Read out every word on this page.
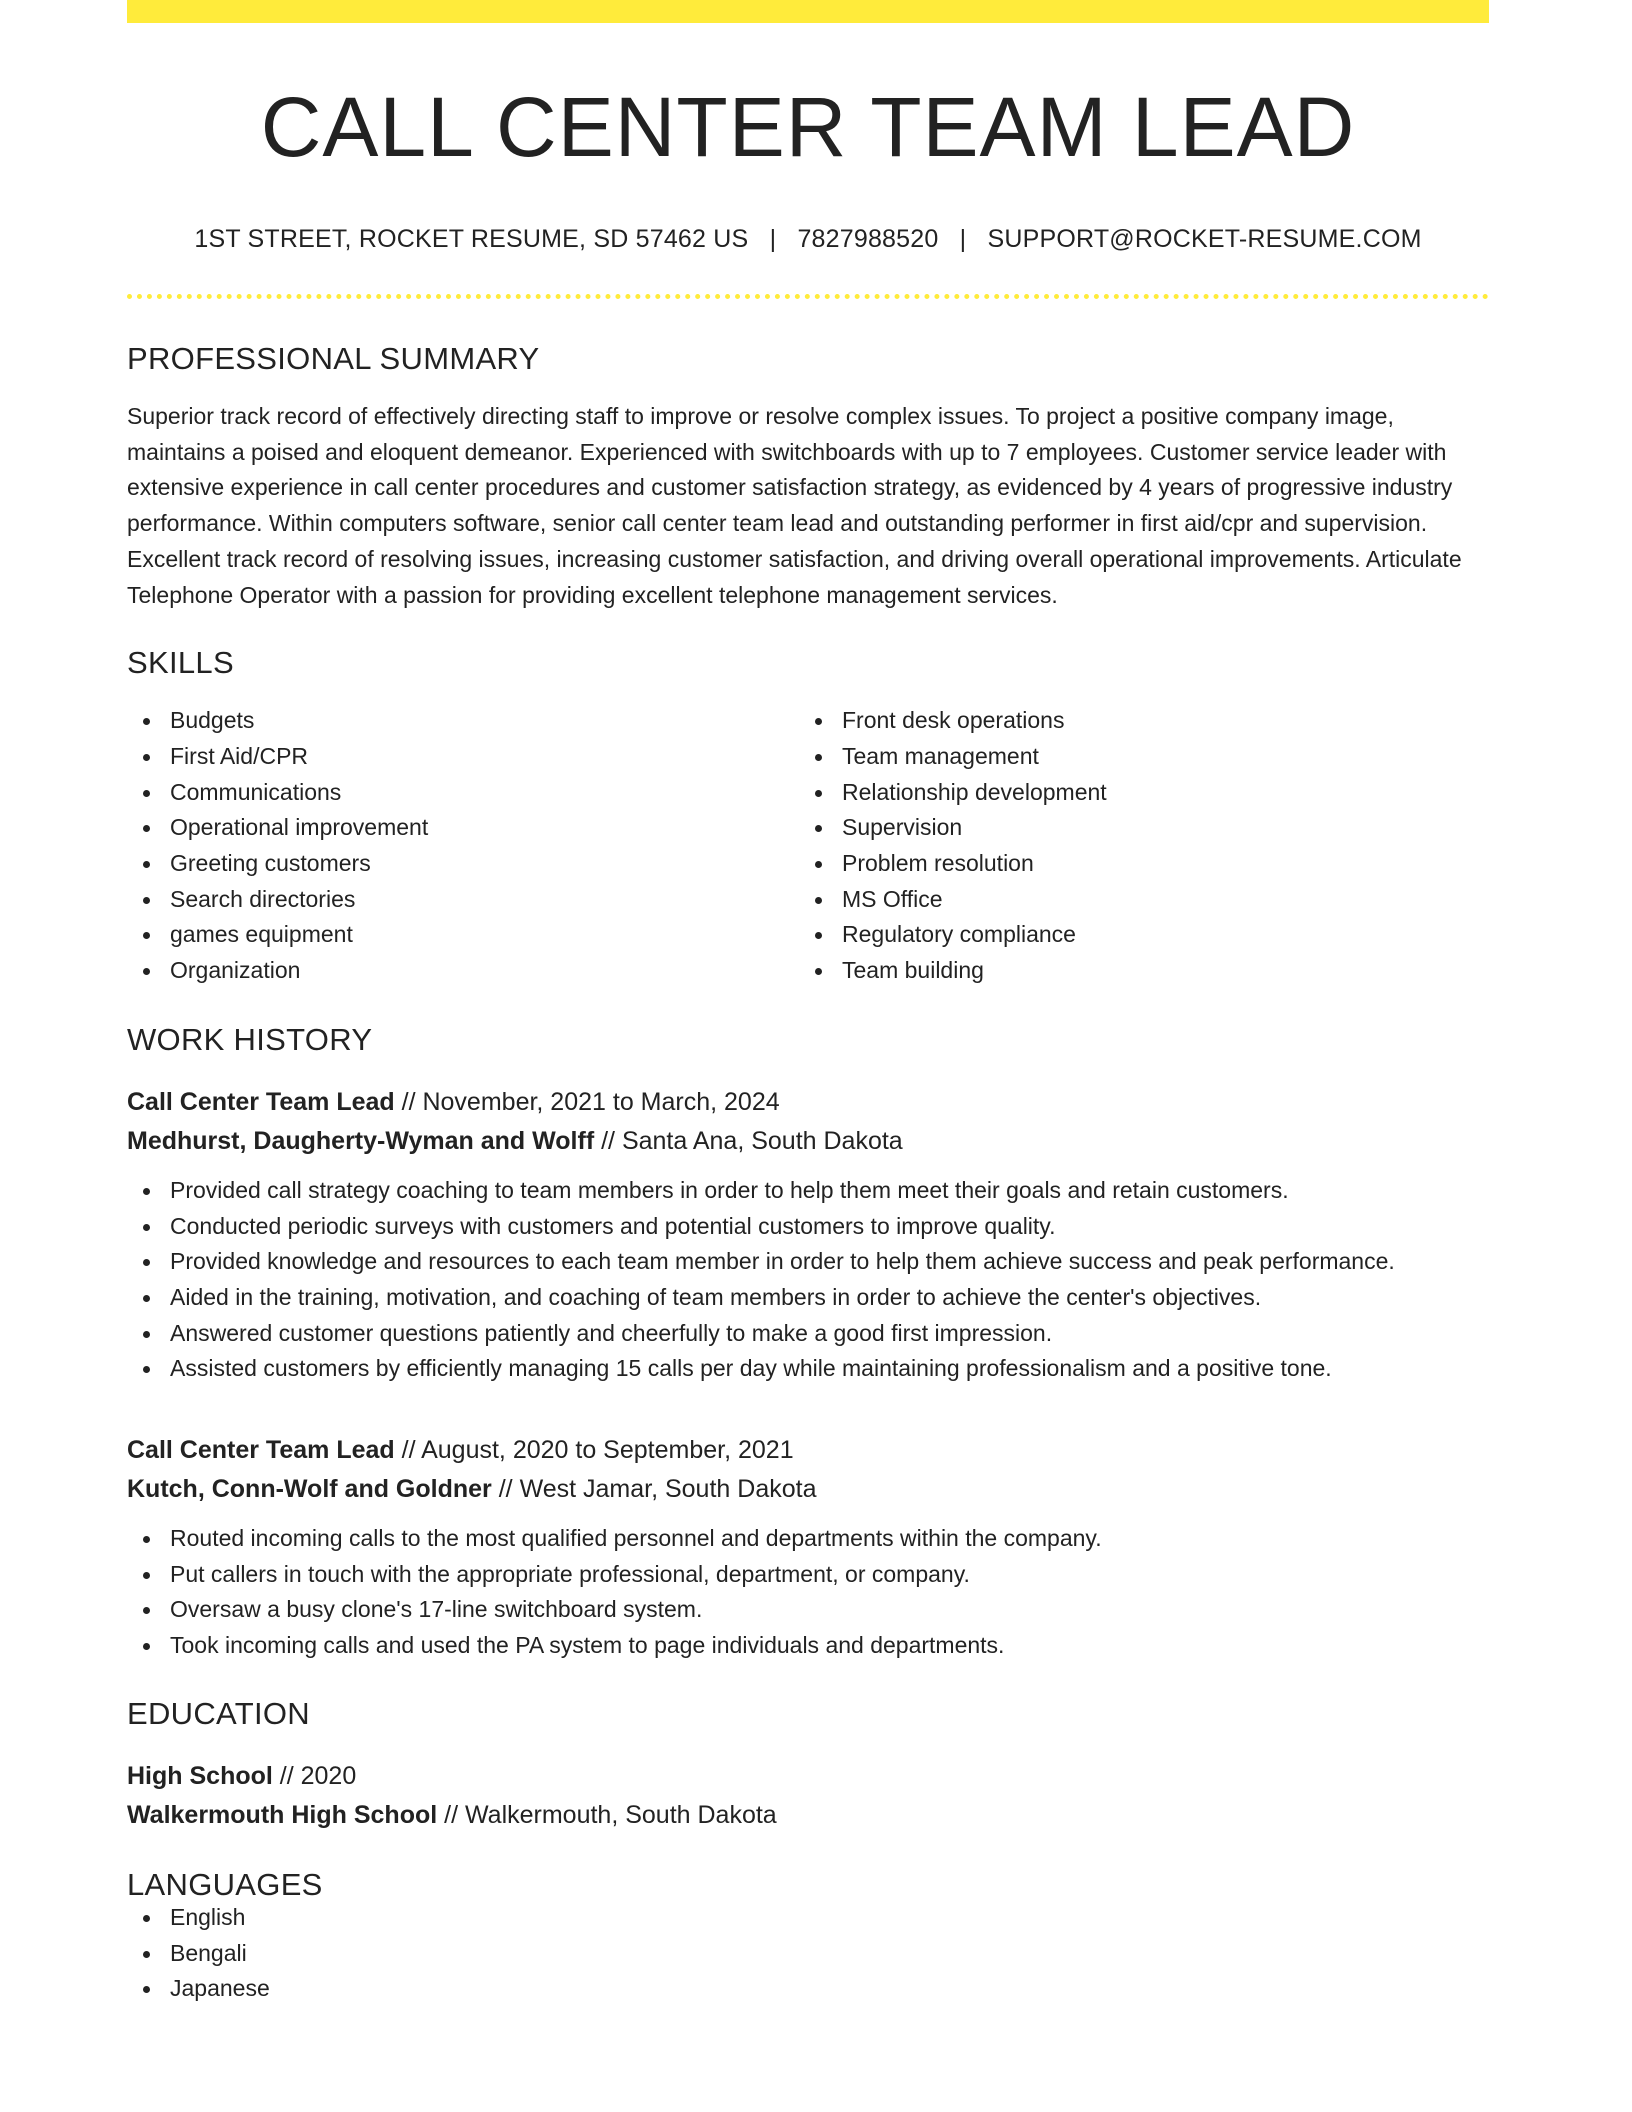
CALL CENTER TEAM LEAD
1ST STREET, ROCKET RESUME, SD 57462 US | 7827988520 | SUPPORT@ROCKET-RESUME.COM
PROFESSIONAL SUMMARY
Superior track record of effectively directing staff to improve or resolve complex issues. To project a positive company image, maintains a poised and eloquent demeanor. Experienced with switchboards with up to 7 employees. Customer service leader with extensive experience in call center procedures and customer satisfaction strategy, as evidenced by 4 years of progressive industry performance. Within computers software, senior call center team lead and outstanding performer in first aid/cpr and supervision. Excellent track record of resolving issues, increasing customer satisfaction, and driving overall operational improvements. Articulate Telephone Operator with a passion for providing excellent telephone management services.
SKILLS
Budgets
First Aid/CPR
Communications
Operational improvement
Greeting customers
Search directories
games equipment
Organization
Front desk operations
Team management
Relationship development
Supervision
Problem resolution
MS Office
Regulatory compliance
Team building
WORK HISTORY
Call Center Team Lead // November, 2021 to March, 2024
Medhurst, Daugherty-Wyman and Wolff // Santa Ana, South Dakota
Provided call strategy coaching to team members in order to help them meet their goals and retain customers.
Conducted periodic surveys with customers and potential customers to improve quality.
Provided knowledge and resources to each team member in order to help them achieve success and peak performance.
Aided in the training, motivation, and coaching of team members in order to achieve the center's objectives.
Answered customer questions patiently and cheerfully to make a good first impression.
Assisted customers by efficiently managing 15 calls per day while maintaining professionalism and a positive tone.
Call Center Team Lead // August, 2020 to September, 2021
Kutch, Conn-Wolf and Goldner // West Jamar, South Dakota
Routed incoming calls to the most qualified personnel and departments within the company.
Put callers in touch with the appropriate professional, department, or company.
Oversaw a busy clone's 17-line switchboard system.
Took incoming calls and used the PA system to page individuals and departments.
EDUCATION
High School // 2020
Walkermouth High School // Walkermouth, South Dakota
LANGUAGES
English
Bengali
Japanese
